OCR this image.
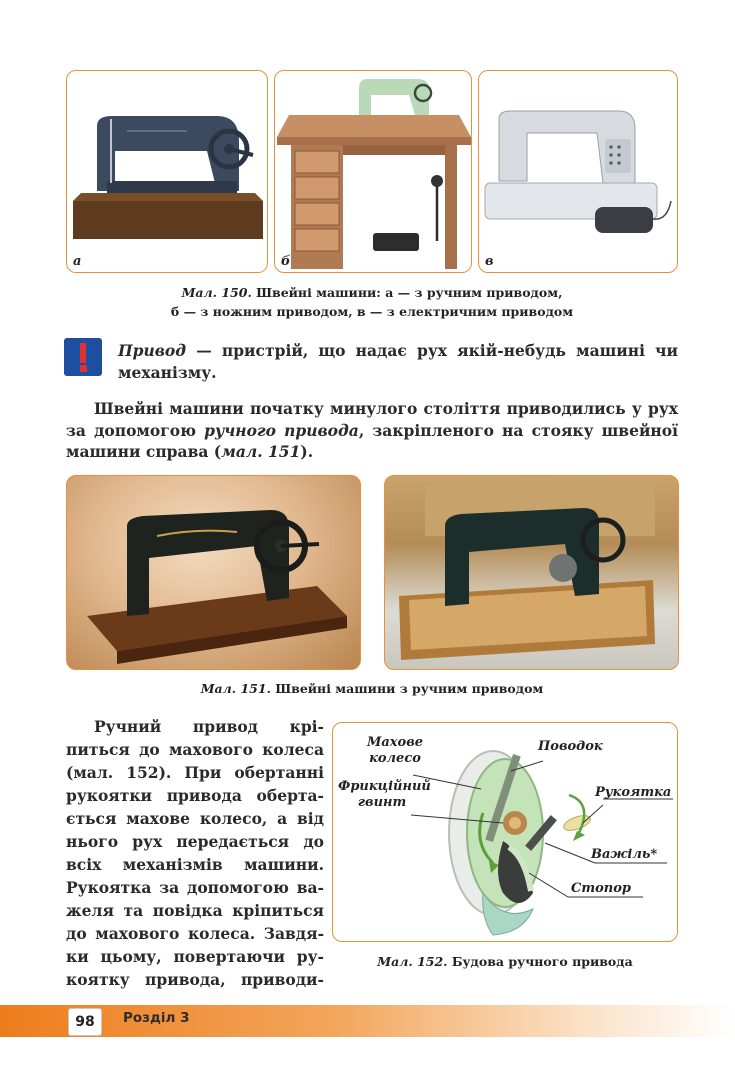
а	б	в
Мал. 150. Швейні машини: а — з ручним приводом,
б — з ножним приводом, в — з електричним приводом
Привод — пристрій, що надає рух якій-небудь машині чи механізму.
Швейні машини початку минулого століття приводились у рух за допомогою ручного привода, закріпленого на стояку швейної машини справа (мал. 151).
Мал. 151. Швейні машини з ручним приводом
Ручний привод крі-
питься до махового колеса
(мал. 152). При обертанні
рукоятки привода оберта-
ється махове колесо, а від
нього рух передається до
всіх механізмів машини.
Рукоятка за допомогою ва-
желя та повідка кріпиться
до махового колеса. Завдя-
ки цьому, повертаючи ру-
коятку привода, приводи-
Махове колесо
Поводок
Фрикційний гвинт
Рукоятка
Важіль*
Стопор
Мал. 152. Будова ручного привода
98	Розділ 3
